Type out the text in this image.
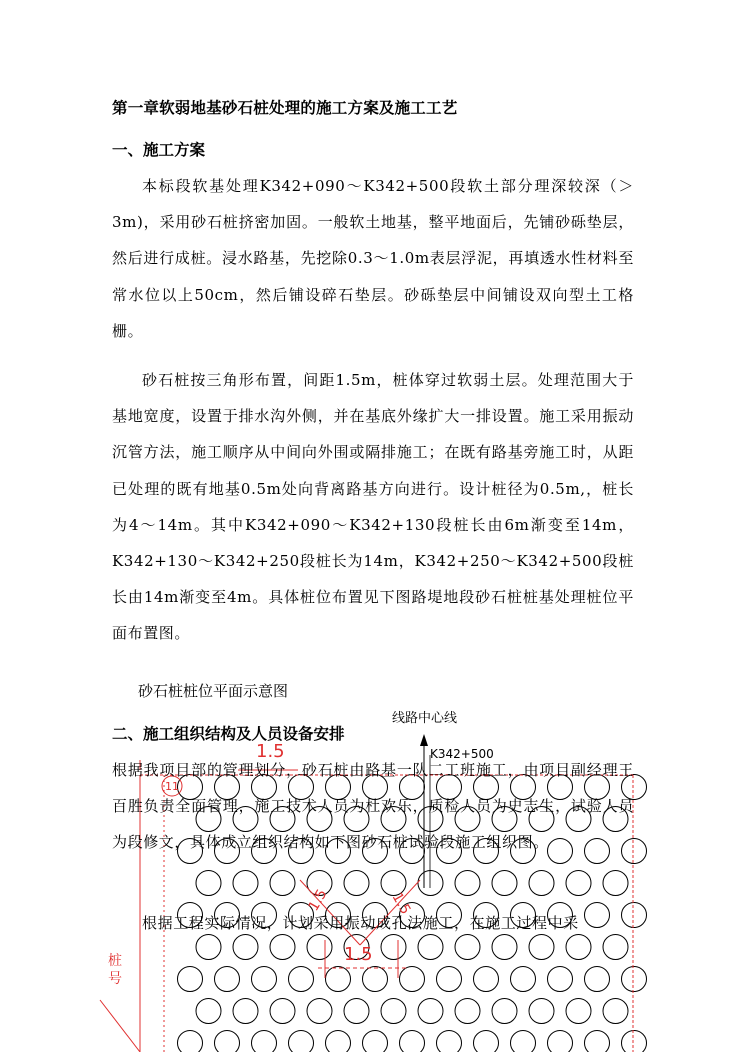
线路中心线
K342+500
1.5
1.5
1.5	1.5
11
桩 号
第一章软弱地基砂石桩处理的施工方案及施工工艺
一、施工方案

本标段软基处理K342+090～K342+500段软土部分理深较深（＞3m)，采用砂石桩挤密加固。一般软土地基，整平地面后，先铺砂砾垫层，然后进行成桩。浸水路基，先挖除0.3～1.0m表层浮泥，再填透水性材料至常水位以上50cm，然后铺设碎石垫层。砂砾垫层中间铺设双向型土工格栅。

砂石桩按三角形布置，间距1.5m，桩体穿过软弱土层。处理范围大于基地宽度，设置于排水沟外侧，并在基底外缘扩大一排设置。施工采用振动沉管方法，施工顺序从中间向外围或隔排施工；在既有路基旁施工时，从距已处理的既有地基0.5m处向背离路基方向进行。设计桩径为0.5m,，桩长为4～14m。其中K342+090～K342+130段桩长由6m渐变至14m，K342+130～K342+250段桩长为14m，K342+250～K342+500段桩长由14m渐变至4m。具体桩位布置见下图路堤地段砂石桩桩基处理桩位平面布置图。

砂石桩桩位平面示意图
二、施工组织结构及人员设备安排

根据我项目部的管理划分，砂石桩由路基一队二工班施工，由项目副经理王百胜负责全面管理，施工技术人员为杜欢乐，质检人员为史志生，试验人员为段修文，具体成立组织结构如下图砂石桩试验段施工组织图。

根据工程实际情况，计划采用振动成孔法施工，在施工过程中采
